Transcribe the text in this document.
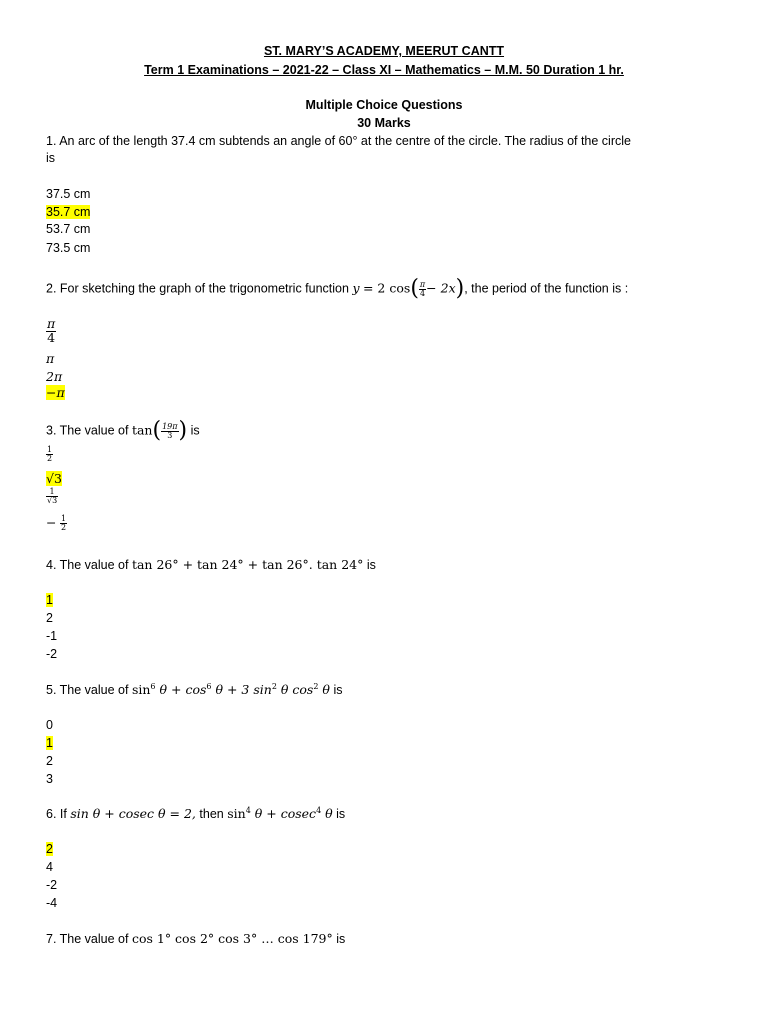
ST. MARY’S ACADEMY, MEERUT CANTT
Term 1 Examinations – 2021-22 – Class XI – Mathematics – M.M. 50 Duration 1 hr.
Multiple Choice Questions
30 Marks
1. An arc of the length 37.4 cm subtends an angle of 60° at the centre of the circle. The radius of the circle
is
37.5 cm
35.7 cm
53.7 cm
73.5 cm
2. For sketching the graph of the trigonometric function y = 2 $\cos( \frac{\pi}{4} - 2x)$, the period of the function is :
$\frac{\pi}{4}$
π
2π
−π
3. The value of $\tan( \frac{19\pi}{3}$ ) is
$\frac{1}{2}$
√3
$\frac{1}{√3}$
− $\frac{1}{2}$
4. The value of tan 26° + tan 24° + tan 26°. tan 24° is
1
2
-1
-2
5. The value of $\sin^6 \theta + \cos^6 \theta + 3$ $\sin^2 \theta$ $\cos^2 \theta$ is
0
1
2
3
6. If sin θ + cosec θ = 2, then $\sin^4 \theta + cosec^4$ θ is
2
4
-2
-4
7. The value of cos 1° cos 2° cos 3° … cos 179° is
